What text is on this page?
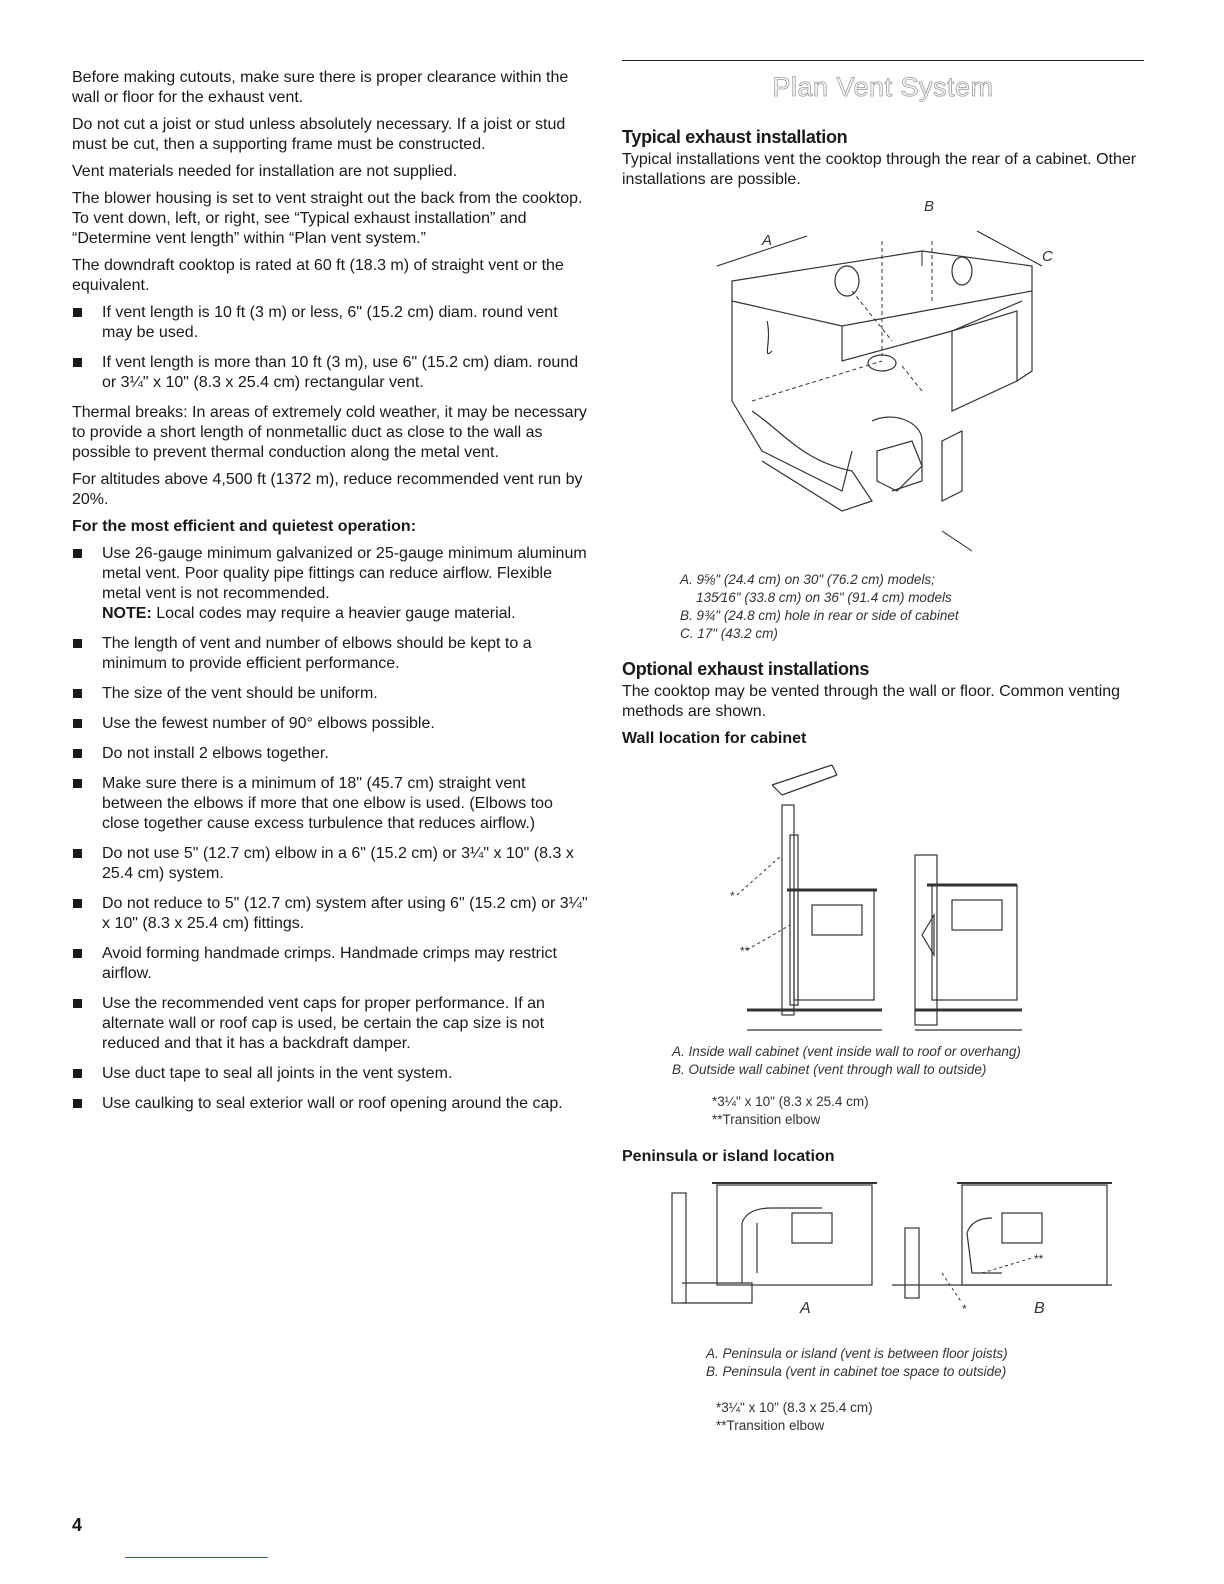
Before making cutouts, make sure there is proper clearance within the wall or floor for the exhaust vent.

Do not cut a joist or stud unless absolutely necessary. If a joist or stud must be cut, then a supporting frame must be constructed.

Vent materials needed for installation are not supplied.

The blower housing is set to vent straight out the back from the cooktop. To vent down, left, or right, see “Typical exhaust installation” and “Determine vent length” within “Plan vent system.”

The downdraft cooktop is rated at 60 ft (18.3 m) of straight vent or the equivalent.

If vent length is 10 ft (3 m) or less, 6" (15.2 cm) diam. round vent may be used.
If vent length is more than 10 ft (3 m), use 6" (15.2 cm) diam. round or 3¼" x 10" (8.3 x 25.4 cm) rectangular vent.

Thermal breaks: In areas of extremely cold weather, it may be necessary to provide a short length of nonmetallic duct as close to the wall as possible to prevent thermal conduction along the metal vent.

For altitudes above 4,500 ft (1372 m), reduce recommended vent run by 20%.

For the most efficient and quietest operation:

Use 26-gauge minimum galvanized or 25-gauge minimum aluminum metal vent. Poor quality pipe fittings can reduce airflow. Flexible metal vent is not recommended.
NOTE: Local codes may require a heavier gauge material.
The length of vent and number of elbows should be kept to a minimum to provide efficient performance.
The size of the vent should be uniform.
Use the fewest number of 90° elbows possible.
Do not install 2 elbows together.
Make sure there is a minimum of 18" (45.7 cm) straight vent between the elbows if more that one elbow is used. (Elbows too close together cause excess turbulence that reduces airflow.)
Do not use 5" (12.7 cm) elbow in a 6" (15.2 cm) or 3¼" x 10" (8.3 x 25.4 cm) system.
Do not reduce to 5" (12.7 cm) system after using 6" (15.2 cm) or 3¼" x 10" (8.3 x 25.4 cm) fittings.
Avoid forming handmade crimps. Handmade crimps may restrict airflow.
Use the recommended vent caps for proper performance. If an alternate wall or roof cap is used, be certain the cap size is not reduced and that it has a backdraft damper.
Use duct tape to seal all joints in the vent system.
Use caulking to seal exterior wall or roof opening around the cap.
Plan Vent System
Typical exhaust installation

Typical installations vent the cooktop through the rear of a cabinet. Other installations are possible.

B
A
C
A. 9⅝" (24.4 cm) on 30" (76.2 cm) models;
135⁄16" (33.8 cm) on 36" (91.4 cm) models
B. 9¾" (24.8 cm) hole in rear or side of cabinet
C. 17" (43.2 cm)
Optional exhaust installations

The cooktop may be vented through the wall or floor. Common venting methods are shown.

Wall location for cabinet
*
**
A. Inside wall cabinet (vent inside wall to roof or overhang)
B. Outside wall cabinet (vent through wall to outside)
*3¼" x 10" (8.3 x 25.4 cm)
**Transition elbow
Peninsula or island location
**
*
A	B
A. Peninsula or island (vent is between floor joists)
B. Peninsula (vent in cabinet toe space to outside)
*3¼" x 10" (8.3 x 25.4 cm)
**Transition elbow
4
